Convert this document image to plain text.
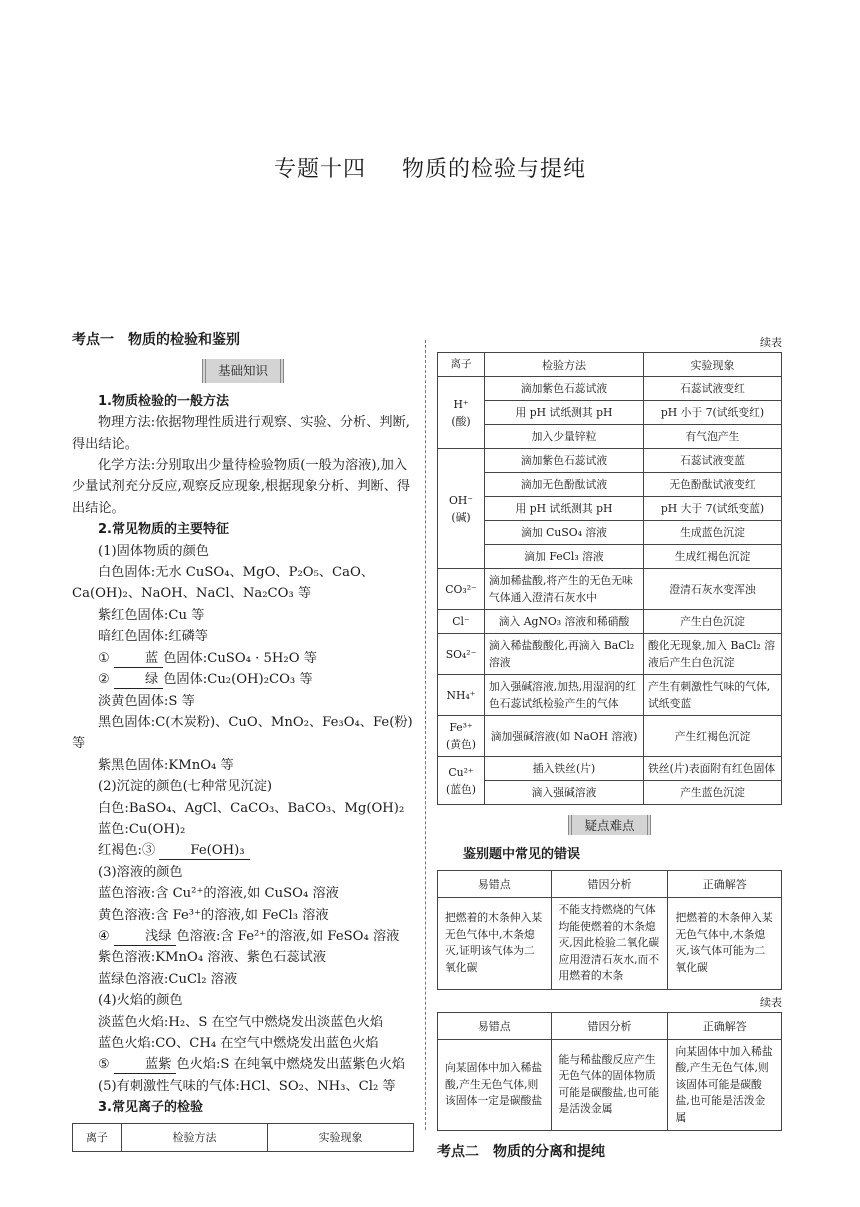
专题十四 物质的检验与提纯
考点一　物质的检验和鉴别
基础知识
1.物质检验的一般方法
物理方法:依据物理性质进行观察、实验、分析、判断,得出结论。
化学方法:分别取出少量待检验物质(一般为溶液),加入少量试剂充分反应,观察反应现象,根据现象分析、判断、得出结论。
2.常见物质的主要特征
(1)固体物质的颜色
白色固体:无水 CuSO₄、MgO、P₂O₅、CaO、Ca(OH)₂、NaOH、NaCl、Na₂CO₃ 等
紫红色固体:Cu 等
暗红色固体:红磷等
①	蓝 色固体:CuSO₄ · 5H₂O 等
②	绿 色固体:Cu₂(OH)₂CO₃ 等
淡黄色固体:S 等
黑色固体:C(木炭粉)、CuO、MnO₂、Fe₃O₄、Fe(粉)等
紫黑色固体:KMnO₄ 等
(2)沉淀的颜色(七种常见沉淀)
白色:BaSO₄、AgCl、CaCO₃、BaCO₃、Mg(OH)₂
蓝色:Cu(OH)₂
红褐色:③	Fe(OH)₃
(3)溶液的颜色
蓝色溶液:含 Cu²⁺的溶液,如 CuSO₄ 溶液
黄色溶液:含 Fe³⁺的溶液,如 FeCl₃ 溶液
④	浅绿 色溶液:含 Fe²⁺的溶液,如 FeSO₄ 溶液
紫色溶液:KMnO₄ 溶液、紫色石蕊试液
蓝绿色溶液:CuCl₂ 溶液
(4)火焰的颜色
淡蓝色火焰:H₂、S 在空气中燃烧发出淡蓝色火焰
蓝色火焰:CO、CH₄ 在空气中燃烧发出蓝色火焰
⑤	蓝紫 色火焰:S 在纯氧中燃烧发出蓝紫色火焰
(5)有刺激性气味的气体:HCl、SO₂、NH₃、Cl₂ 等
3.常见离子的检验
离子	检验方法	实验现象
续表
离子	检验方法	实验现象

H⁺
(酸)	滴加紫色石蕊试液	石蕊试液变红
	用 pH 试纸测其 pH	pH 小于 7(试纸变红)
	加入少量锌粒	有气泡产生

OH⁻
(碱)	滴加紫色石蕊试液	石蕊试液变蓝
	滴加无色酚酞试液	无色酚酞试液变红
	用 pH 试纸测其 pH	pH 大于 7(试纸变蓝)
	滴加 CuSO₄ 溶液	生成蓝色沉淀
	滴加 FeCl₃ 溶液	生成红褐色沉淀
CO₃²⁻	滴加稀盐酸,将产生的无色无味气体通入澄清石灰水中	澄清石灰水变浑浊
Cl⁻	滴入 AgNO₃ 溶液和稀硝酸	产生白色沉淀
SO₄²⁻	滴入稀盐酸酸化,再滴入 BaCl₂ 溶液	酸化无现象,加入 BaCl₂ 溶液后产生白色沉淀
NH₄⁺	加入强碱溶液,加热,用湿润的红色石蕊试纸检验产生的气体	产生有刺激性气味的气体,试纸变蓝

Fe³⁺
(黄色)	滴加强碱溶液(如 NaOH 溶液)	产生红褐色沉淀

Cu²⁺
(蓝色)	插入铁丝(片)	铁丝(片)表面附有红色固体
	滴入强碱溶液	产生蓝色沉淀
疑点难点
鉴别题中常见的错误
易错点	错因分析	正确解答
把燃着的木条伸入某无色气体中,木条熄灭,证明该气体为二氧化碳	不能支持燃烧的气体均能使燃着的木条熄灭,因此检验二氧化碳应用澄清石灰水,而不用燃着的木条	把燃着的木条伸入某无色气体中,木条熄灭,该气体可能为二氧化碳
续表
易错点	错因分析	正确解答
向某固体中加入稀盐酸,产生无色气体,则该固体一定是碳酸盐	能与稀盐酸反应产生无色气体的固体物质可能是碳酸盐,也可能是活泼金属	向某固体中加入稀盐酸,产生无色气体,则该固体可能是碳酸盐,也可能是活泼金属
考点二　物质的分离和提纯
